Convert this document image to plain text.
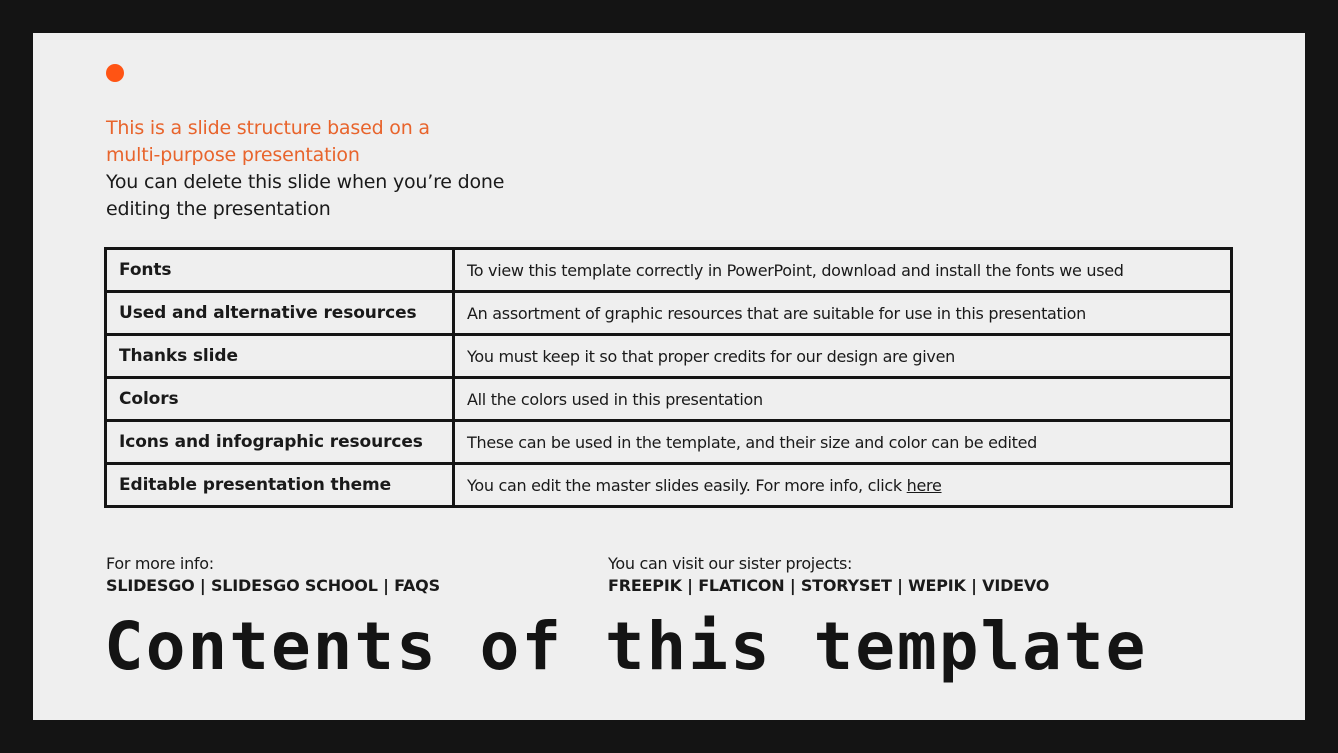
This is a slide structure based on a
multi-purpose presentation
You can delete this slide when you’re done
editing the presentation
Fonts	To view this template correctly in PowerPoint, download and install the fonts we used
Used and alternative resources	An assortment of graphic resources that are suitable for use in this presentation
Thanks slide	You must keep it so that proper credits for our design are given
Colors	All the colors used in this presentation
Icons and infographic resources	These can be used in the template, and their size and color can be edited
Editable presentation theme	You can edit the master slides easily. For more info, click here
For more info:
SLIDESGO | SLIDESGO SCHOOL | FAQS
You can visit our sister projects:
FREEPIK | FLATICON | STORYSET | WEPIK | VIDEVO
Contents of this template
